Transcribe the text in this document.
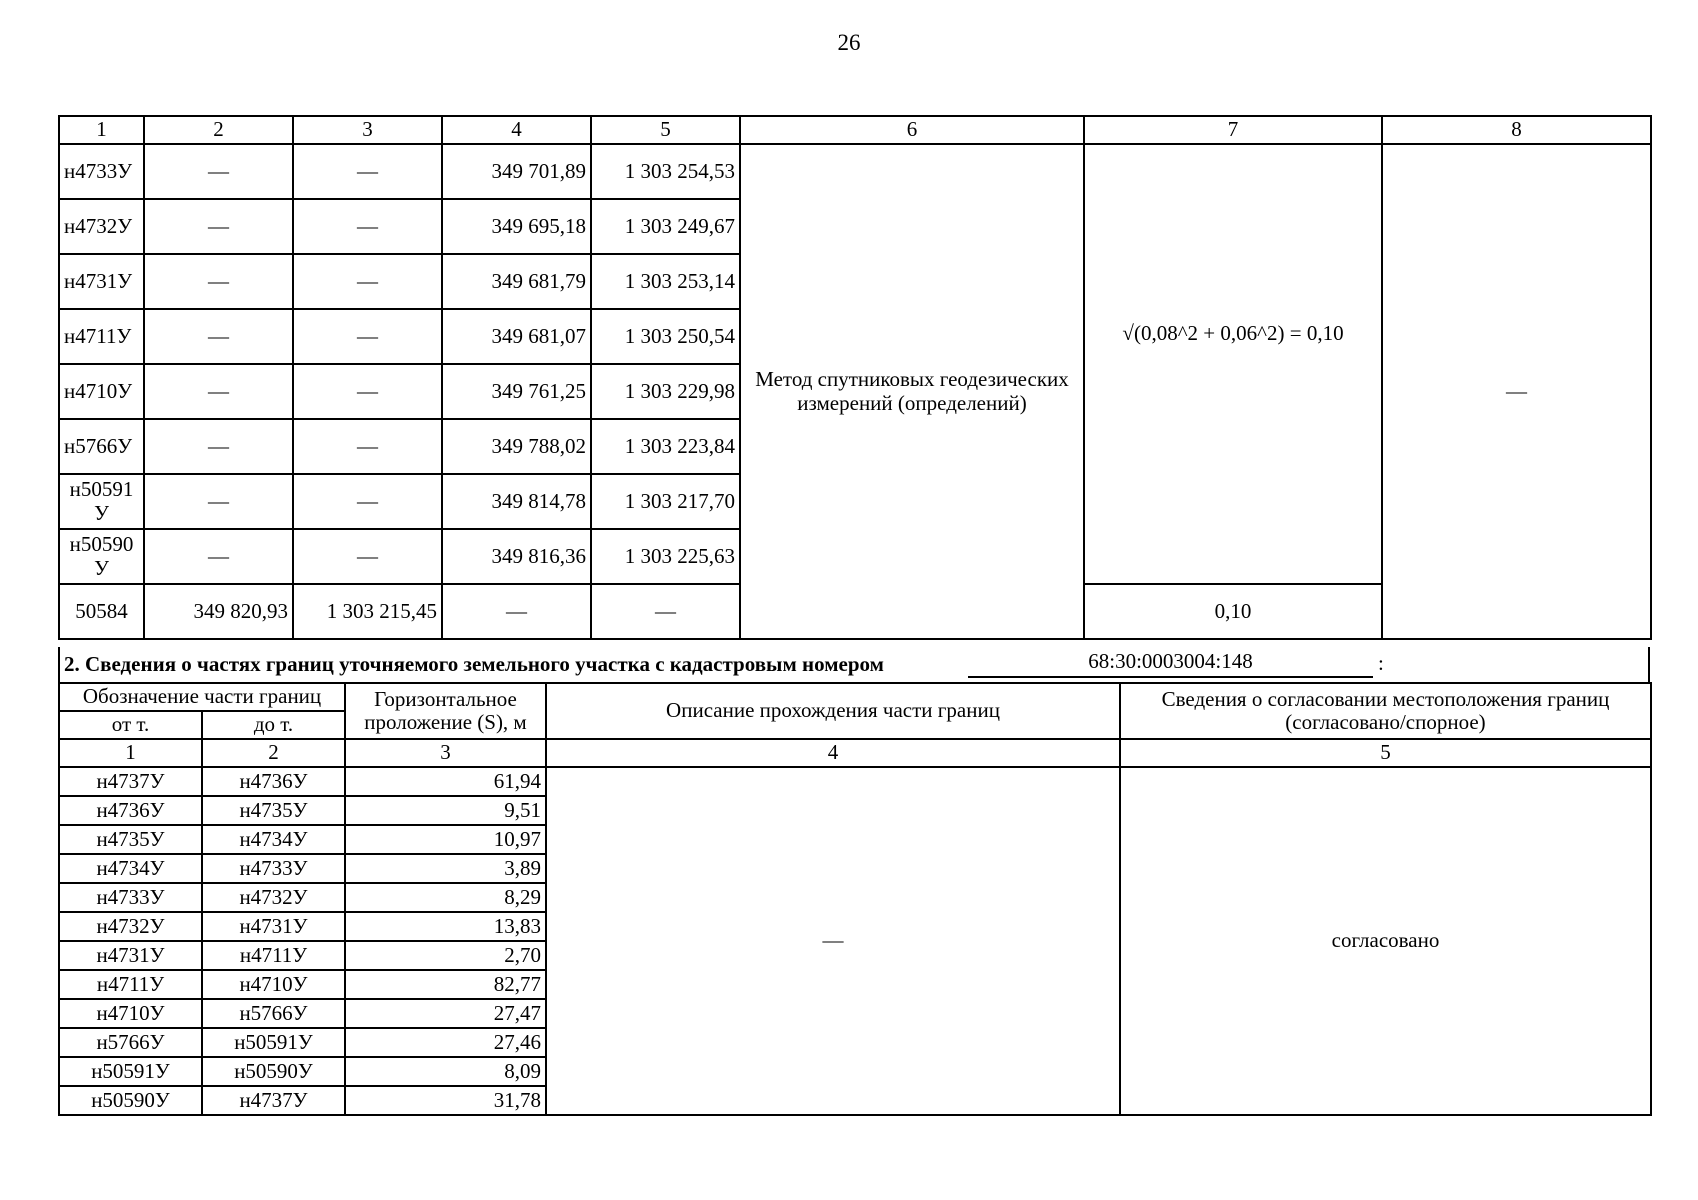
26
1	2	3	4	5	6	7	8
н4733У	—	—	349 701,89	1 303 254,53	Метод спутниковых геодезических измерений (определений)	√(0,08^2 + 0,06^2) = 0,10	—
н4732У	—	—	349 695,18	1 303 249,67			
н4731У	—	—	349 681,79	1 303 253,14			
н4711У	—	—	349 681,07	1 303 250,54			
н4710У	—	—	349 761,25	1 303 229,98			
н5766У	—	—	349 788,02	1 303 223,84			
н50591 У	—	—	349 814,78	1 303 217,70			
н50590 У	—	—	349 816,36	1 303 225,63			
50584	349 820,93	1 303 215,45	—	—		0,10	
2. Сведения о частях границ уточняемого земельного участка с кадастровым номером	68:30:0003004:148	:
Обозначение части границ		Горизонтальное проложение (S), м	Описание прохождения части границ	Сведения о согласовании местоположения границ (согласовано/спорное)
от т.	до т.			
1	2	3	4	5
н4737У	н4736У	61,94	—	согласовано
н4736У	н4735У	9,51		
н4735У	н4734У	10,97		
н4734У	н4733У	3,89		
н4733У	н4732У	8,29		
н4732У	н4731У	13,83		
н4731У	н4711У	2,70		
н4711У	н4710У	82,77		
н4710У	н5766У	27,47		
н5766У	н50591У	27,46		
н50591У	н50590У	8,09		
н50590У	н4737У	31,78		
